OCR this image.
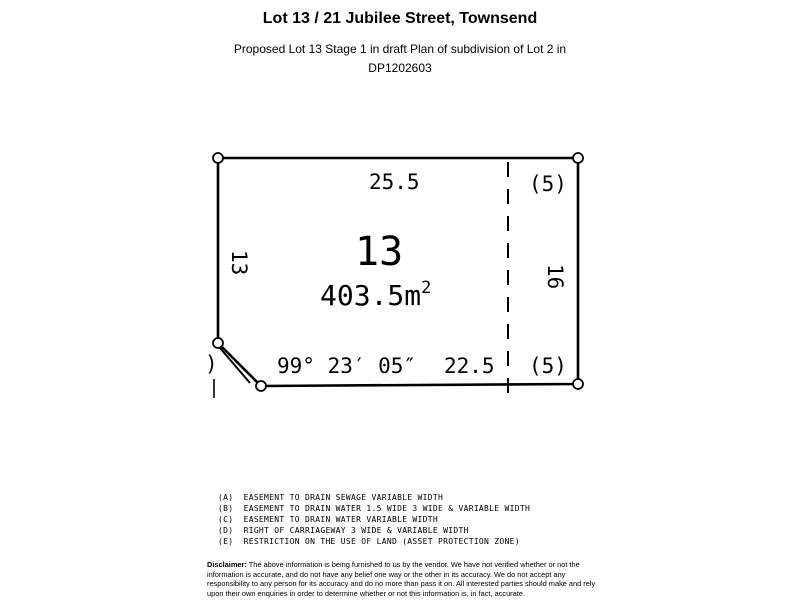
Lot 13 / 21 Jubilee Street, Townsend
Proposed Lot 13 Stage 1 in draft Plan of subdivision of Lot 2 in
DP1202603
)
25.5	(5)
13
16
13
$403.5m^2$
99° 23′ 05″ 22.5 (5)
(A)  EASEMENT TO DRAIN SEWAGE VARIABLE WIDTH
(B)  EASEMENT TO DRAIN WATER 1.5 WIDE 3 WIDE & VARIABLE WIDTH
(C)  EASEMENT TO DRAIN WATER VARIABLE WIDTH
(D)  RIGHT OF CARRIAGEWAY 3 WIDE & VARIABLE WIDTH
(E)  RESTRICTION ON THE USE OF LAND (ASSET PROTECTION ZONE)
Disclaimer: The above information is being furnished to us by the vendor. We have not verified whether or not the information is accurate, and do not have any belief one way or the other in its accuracy. We do not accept any responsibility to any person for its accuracy and do no more than pass it on. All interested parties should make and rely upon their own enquiries in order to determine whether or not this information is, in fact, accurate.
